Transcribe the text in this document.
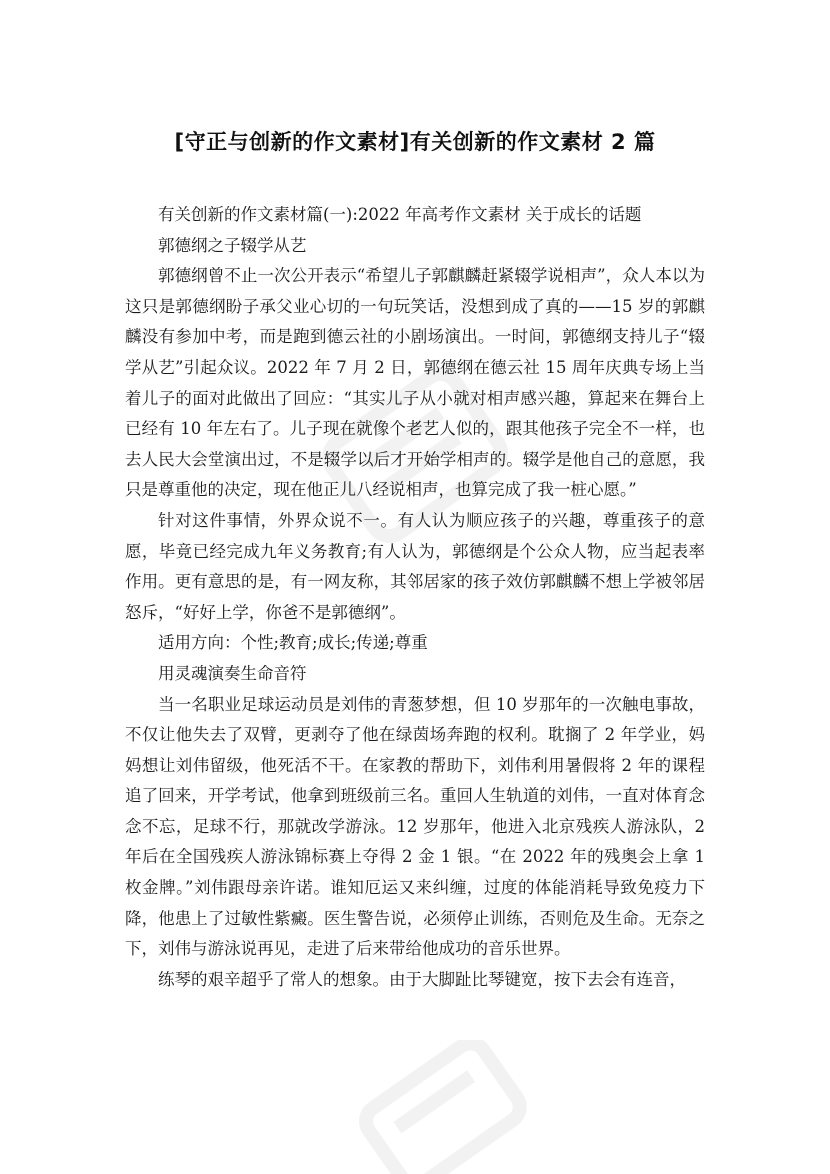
[守正与创新的作文素材]有关创新的作文素材 2 篇

有关创新的作文素材篇(一):2022 年高考作文素材 关于成长的话题

郭德纲之子辍学从艺

郭德纲曾不止一次公开表示“希望儿子郭麒麟赶紧辍学说相声”，众人本以为这只是郭德纲盼子承父业心切的一句玩笑话，没想到成了真的——15 岁的郭麒麟没有参加中考，而是跑到德云社的小剧场演出。一时间，郭德纲支持儿子“辍学从艺”引起众议。2022 年 7 月 2 日，郭德纲在德云社 15 周年庆典专场上当着儿子的面对此做出了回应：“其实儿子从小就对相声感兴趣，算起来在舞台上已经有 10 年左右了。儿子现在就像个老艺人似的，跟其他孩子完全不一样，也去人民大会堂演出过，不是辍学以后才开始学相声的。辍学是他自己的意愿，我只是尊重他的决定，现在他正儿八经说相声，也算完成了我一桩心愿。”

针对这件事情，外界众说不一。有人认为顺应孩子的兴趣，尊重孩子的意愿，毕竟已经完成九年义务教育;有人认为，郭德纲是个公众人物，应当起表率作用。更有意思的是，有一网友称，其邻居家的孩子效仿郭麒麟不想上学被邻居怒斥，“好好上学，你爸不是郭德纲”。

适用方向：个性;教育;成长;传递;尊重

用灵魂演奏生命音符

当一名职业足球运动员是刘伟的青葱梦想，但 10 岁那年的一次触电事故，不仅让他失去了双臂，更剥夺了他在绿茵场奔跑的权利。耽搁了 2 年学业，妈妈想让刘伟留级，他死活不干。在家教的帮助下，刘伟利用暑假将 2 年的课程追了回来，开学考试，他拿到班级前三名。重回人生轨道的刘伟，一直对体育念念不忘，足球不行，那就改学游泳。12 岁那年，他进入北京残疾人游泳队，2 年后在全国残疾人游泳锦标赛上夺得 2 金 1 银。“在 2022 年的残奥会上拿 1 枚金牌。”刘伟跟母亲许诺。谁知厄运又来纠缠，过度的体能消耗导致免疫力下降，他患上了过敏性紫癜。医生警告说，必须停止训练，否则危及生命。无奈之下，刘伟与游泳说再见，走进了后来带给他成功的音乐世界。

练琴的艰辛超乎了常人的想象。由于大脚趾比琴键宽，按下去会有连音，
